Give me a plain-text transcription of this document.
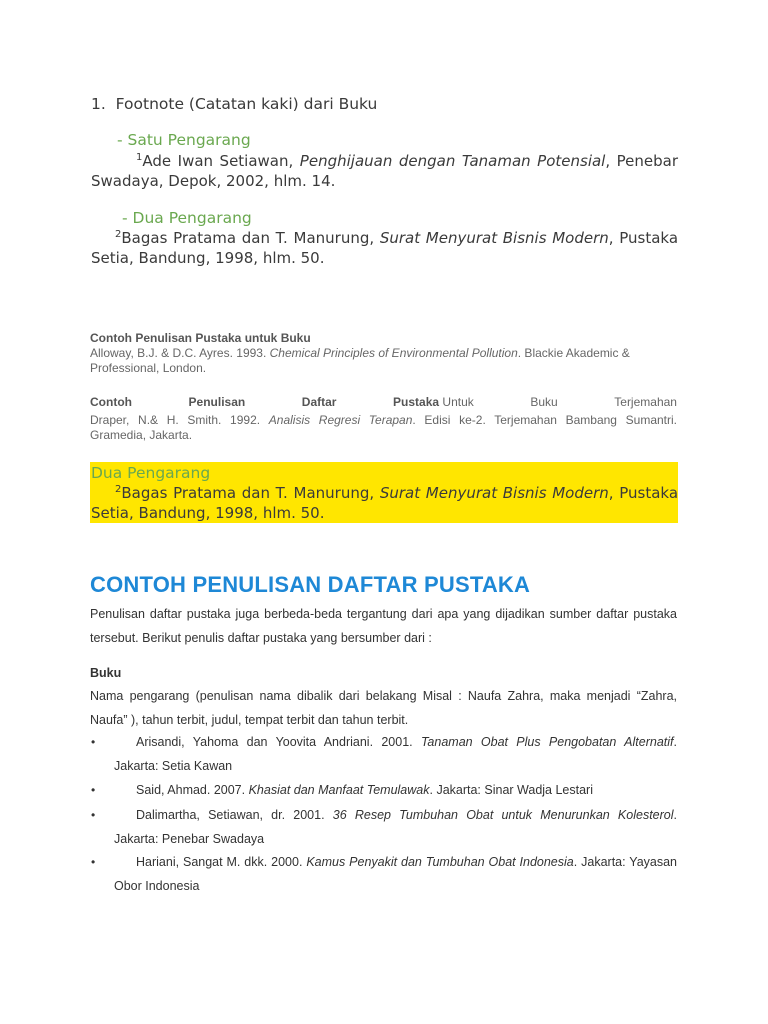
1. Footnote (Catatan kaki) dari Buku
- Satu Pengarang
$^1$Ade Iwan Setiawan, Penghijauan dengan Tanaman Potensial, Penebar
Swadaya, Depok, 2002, hlm. 14.
- Dua Pengarang
$^2$Bagas Pratama dan T. Manurung, Surat Menyurat Bisnis Modern, Pustaka
Setia, Bandung, 1998, hlm. 50.
Contoh Penulisan Pustaka untuk Buku
Alloway, B.J. & D.C. Ayres. 1993. Chemical Principles of Environmental Pollution. Blackie Akademic &
Professional, London.
Contoh	Penulisan	Daftar	Pustaka Untuk	Buku	Terjemahan
Draper, N.& H. Smith. 1992. Analisis Regresi Terapan. Edisi ke-2. Terjemahan Bambang Sumantri.
Gramedia, Jakarta.
Dua Pengarang
$^2$Bagas Pratama dan T. Manurung, Surat Menyurat Bisnis Modern, Pustaka
Setia, Bandung, 1998, hlm. 50.
CONTOH PENULISAN DAFTAR PUSTAKA
Penulisan daftar pustaka juga berbeda-beda tergantung dari apa yang dijadikan sumber daftar pustaka
tersebut. Berikut penulis daftar pustaka yang bersumber dari :
Buku
Nama pengarang (penulisan nama dibalik dari belakang Misal : Naufa Zahra, maka menjadi “Zahra,
Naufa” ), tahun terbit, judul, tempat terbit dan tahun terbit.
•	Arisandi, Yahoma dan Yoovita Andriani. 2001. Tanaman Obat Plus Pengobatan Alternatif.
Jakarta: Setia Kawan
•	Said, Ahmad. 2007. Khasiat dan Manfaat Temulawak. Jakarta: Sinar Wadja Lestari
•	Dalimartha, Setiawan, dr. 2001. 36 Resep Tumbuhan Obat untuk Menurunkan Kolesterol.
Jakarta: Penebar Swadaya
•	Hariani, Sangat M. dkk. 2000. Kamus Penyakit dan Tumbuhan Obat Indonesia. Jakarta: Yayasan
Obor Indonesia
